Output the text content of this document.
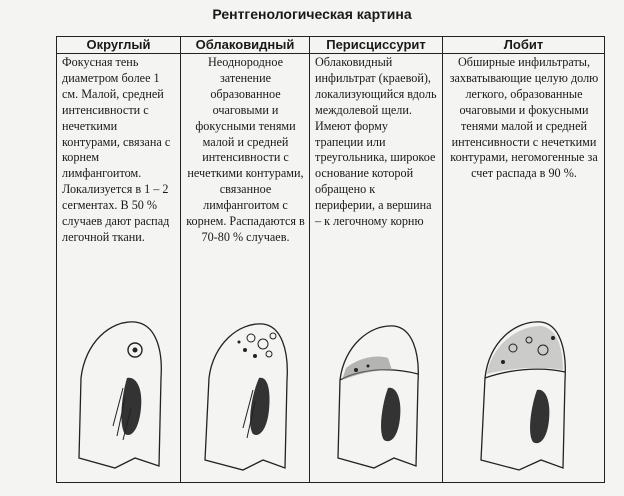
Рентгенологическая картина
Округлый	Облаковидный	Перисциссурит	Лобит

Фокусная тень диаметром более 1 см. Малой, средней интенсивности с нечеткими контурами, связана с корнем лимфангоитом. Локализуется в 1 – 2 сегментах. В 50 % случаев дают распад легочной ткани.	Неоднородное затенение образованное очаговыми и фокусными тенями малой и средней интенсивности с нечеткими контурами, связанное лимфангоитом с корнем. Распадаются в 70-80 % случаев.	Облаковидный инфильтрат (краевой), локализующийся вдоль междолевой щели. Имеют форму трапеции или треугольника, широкое основание которой обращено к периферии, а вершина – к легочному корню	Обширные инфильтраты, захватывающие целую долю легкого, образованные очаговыми и фокусными тенями малой и средней интенсивности с нечеткими контурами, негомогенные за счет распада в 90 %.
